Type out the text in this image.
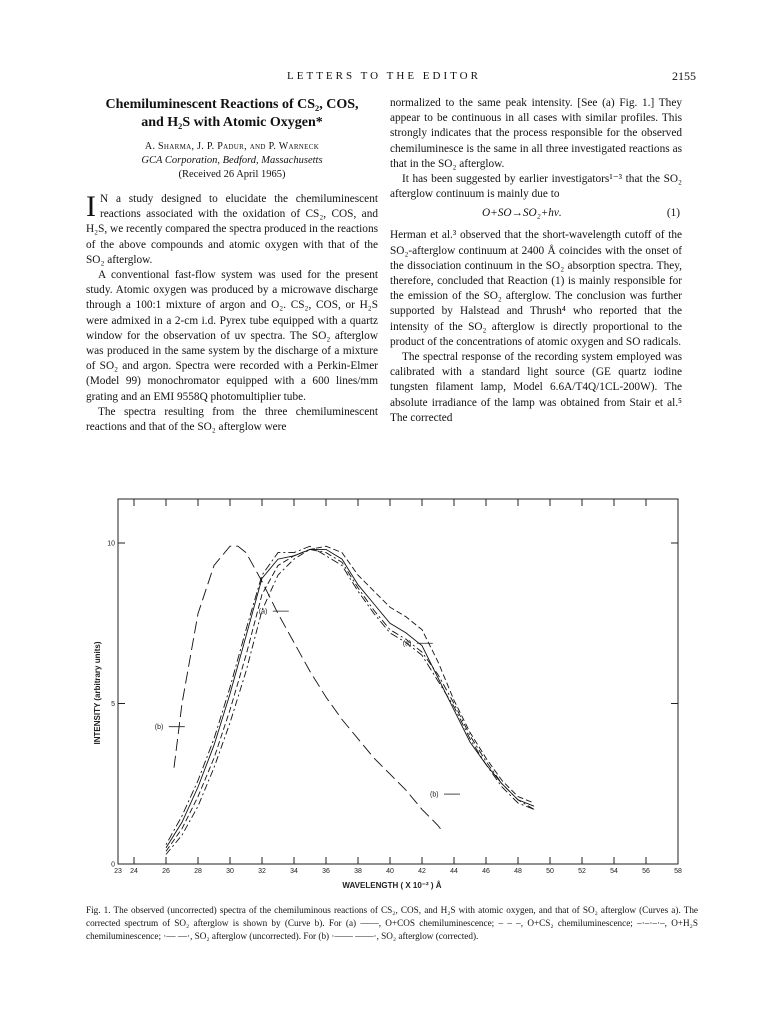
LETTERS TO THE EDITOR	2155
Chemiluminescent Reactions of CS₂, COS,
and H₂S with Atomic Oxygen*

A. Sharma, J. P. Padur, and P. Warneck

GCA Corporation, Bedford, Massachusetts

(Received 26 April 1965)

I N a study designed to elucidate the chemiluminescent reactions associated with the oxidation of CS₂, COS, and H₂S, we recently compared the spectra produced in the reactions of the above compounds and atomic oxygen with that of the SO₂ afterglow.

A conventional fast-flow system was used for the present study. Atomic oxygen was produced by a microwave discharge through a 100:1 mixture of argon and O₂. CS₂, COS, or H₂S were admixed in a 2-cm i.d. Pyrex tube equipped with a quartz window for the observation of uv spectra. The SO₂ afterglow was produced in the same system by the discharge of a mixture of SO₂ and argon. Spectra were recorded with a Perkin-Elmer (Model 99) monochromator equipped with a 600 lines/mm grating and an EMI 9558Q photomultiplier tube.

The spectra resulting from the three chemiluminescent reactions and that of the SO₂ afterglow were

normalized to the same peak intensity. [See (a) Fig. 1.] They appear to be continuous in all cases with similar profiles. This strongly indicates that the process responsible for the observed chemiluminesce is the same in all three investigated reactions as that in the SO₂ afterglow.

It has been suggested by earlier investigators¹⁻³ that the SO₂ afterglow continuum is mainly due to

O+SO→SO₂+hν.	(1)

Herman et al.³ observed that the short-wavelength cutoff of the SO₂-afterglow continuum at 2400 Å coincides with the onset of the dissociation continuum in the SO₂ absorption spectra. They, therefore, concluded that Reaction (1) is mainly responsible for the emission of the SO₂ afterglow. The conclusion was further supported by Halstead and Thrush⁴ who reported that the intensity of the SO₂ afterglow is directly proportional to the product of the concentrations of atomic oxygen and SO radicals.

The spectral response of the recording system employed was calibrated with a standard light source (GE quartz iodine tungsten filament lamp, Model 6.6A/T4Q/1CL-200W). The absolute irradiance of the lamp was obtained from Stair et al.⁵ The corrected

23 24	26	28	30	32	34	36	38	40	42	44	46	48	50	52	54	56	58
0
5
10
(a)
(a)
(b)
(b)
INTENSITY (arbitrary units)
WAVELENGTH ( X 10⁻² ) Å
Fig. 1. The observed (uncorrected) spectra of the chemiluminous reactions of CS₂, COS, and H₂S with atomic oxygen, and that of SO₂ afterglow (Curves a). The corrected spectrum of SO₂ afterglow is shown by (Curve b). For (a) ——, O+COS chemiluminescence; – – –, O+CS₂ chemiluminescence; –·–·–·–, O+H₂S chemiluminescence; ·— —·, SO₂ afterglow (uncorrected). For (b) ·—— ——·, SO₂ afterglow (corrected).
